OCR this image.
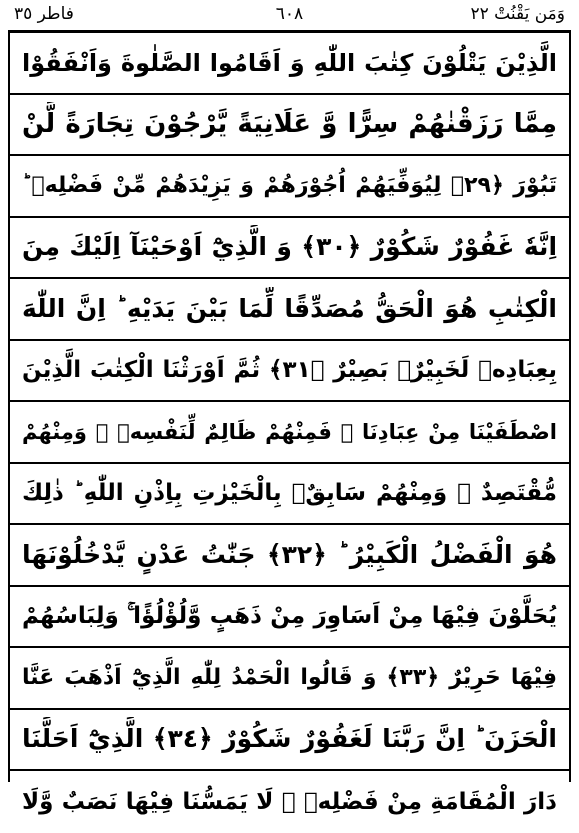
وَمَن يَقْنُتْ ٢٢
٦٠٨
فاطر ٣٥
الَّذِيْنَ يَتْلُوْنَ كِتٰبَ اللّٰهِ وَ اَقَامُوا الصَّلٰوةَ وَاَنْفَقُوْا
مِمَّا رَزَقْنٰهُمْ سِرًّا وَّ عَلَانِيَةً يَّرْجُوْنَ تِجَارَةً لَّنْ
تَبُوْرَ ﴿٢٩﴾ لِيُوَفِّيَهُمْ اُجُوْرَهُمْ وَ يَزِيْدَهُمْ مِّنْ فَضْلِهٖ ؕ
اِنَّهٗ غَفُوْرٌ شَكُوْرٌ ﴿٣٠﴾ وَ الَّذِيْٓ اَوْحَيْنَآ اِلَيْكَ مِنَ
الْكِتٰبِ هُوَ الْحَقُّ مُصَدِّقًا لِّمَا بَيْنَ يَدَيْهِ ؕ اِنَّ اللّٰهَ
بِعِبَادِهٖ لَخَبِيْرٌۢ بَصِيْرٌ ﴿٣١﴾ ثُمَّ اَوْرَثْنَا الْكِتٰبَ الَّذِيْنَ
اصْطَفَيْنَا مِنْ عِبَادِنَا ۚ فَمِنْهُمْ ظَالِمٌ لِّنَفْسِهٖ ۚ وَمِنْهُمْ
مُّقْتَصِدٌ ۚ وَمِنْهُمْ سَابِقٌۢ بِالْخَيْرٰتِ بِاِذْنِ اللّٰهِ ؕ ذٰلِكَ
هُوَ الْفَضْلُ الْكَبِيْرُ ؕ ﴿٣٢﴾ جَنّٰتُ عَدْنٍ يَّدْخُلُوْنَهَا
يُحَلَّوْنَ فِيْهَا مِنْ اَسَاوِرَ مِنْ ذَهَبٍ وَّلُؤْلُؤًا ۚ وَلِبَاسُهُمْ
فِيْهَا حَرِيْرٌ ﴿٣٣﴾ وَ قَالُوا الْحَمْدُ لِلّٰهِ الَّذِيْٓ اَذْهَبَ عَنَّا
الْحَزَنَ ؕ اِنَّ رَبَّنَا لَغَفُوْرٌ شَكُوْرٌ ﴿٣٤﴾ الَّذِيْٓ اَحَلَّنَا
دَارَ الْمُقَامَةِ مِنْ فَضْلِهٖ ۚ لَا يَمَسُّنَا فِيْهَا نَصَبٌ وَّلَا
